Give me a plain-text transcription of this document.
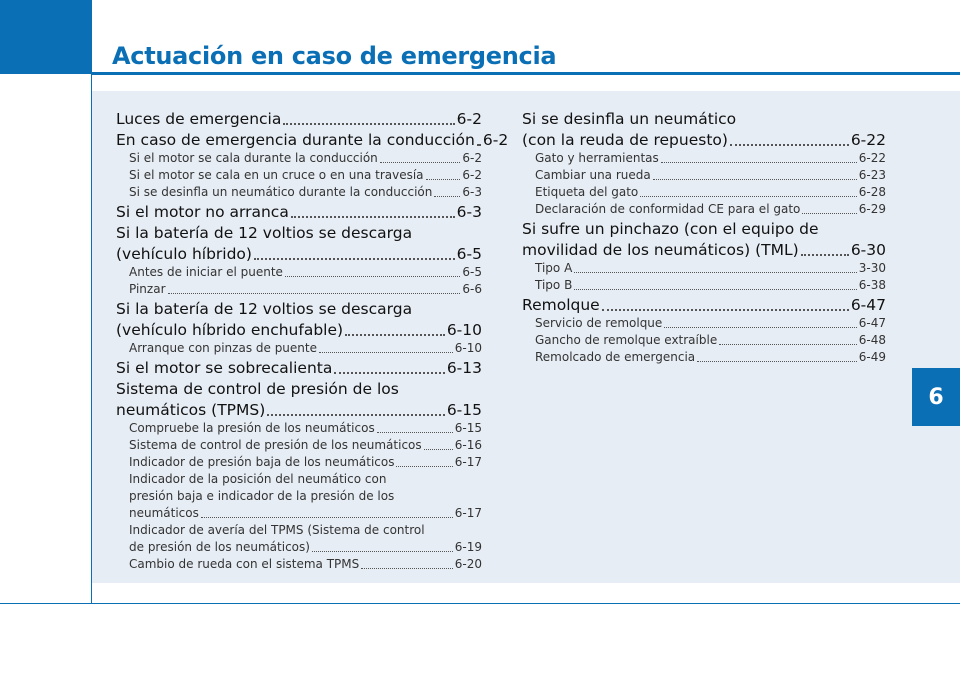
Actuación en caso de emergencia
6
Luces de emergencia	6-2
En caso de emergencia durante la conducción 6-2
Si el motor se cala durante la conducción	6-2
Si el motor se cala en un cruce o en una travesía	6-2
Si se desinfla un neumático durante la conducción	6-3
Si el motor no arranca	6-3
Si la batería de 12 voltios se descarga
(vehículo híbrido)	6-5
Antes de iniciar el puente	6-5
Pinzar	6-6
Si la batería de 12 voltios se descarga
(vehículo híbrido enchufable)	6-10
Arranque con pinzas de puente	6-10
Si el motor se sobrecalienta	6-13
Sistema de control de presión de los
neumáticos (TPMS)	6-15
Compruebe la presión de los neumáticos	6-15
Sistema de control de presión de los neumáticos	6-16
Indicador de presión baja de los neumáticos	6-17
Indicador de la posición del neumático con
presión baja e indicador de la presión de los
neumáticos	6-17
Indicador de avería del TPMS (Sistema de control
de presión de los neumáticos)	6-19
Cambio de rueda con el sistema TPMS	6-20
Si se desinfla un neumático
(con la reuda de repuesto)	6-22
Gato y herramientas	6-22
Cambiar una rueda	6-23
Etiqueta del gato	6-28
Declaración de conformidad CE para el gato	6-29
Si sufre un pinchazo (con el equipo de
movilidad de los neumáticos) (TML)	6-30
Tipo A	3-30
Tipo B	6-38
Remolque	6-47
Servicio de remolque	6-47
Gancho de remolque extraíble	6-48
Remolcado de emergencia	6-49
